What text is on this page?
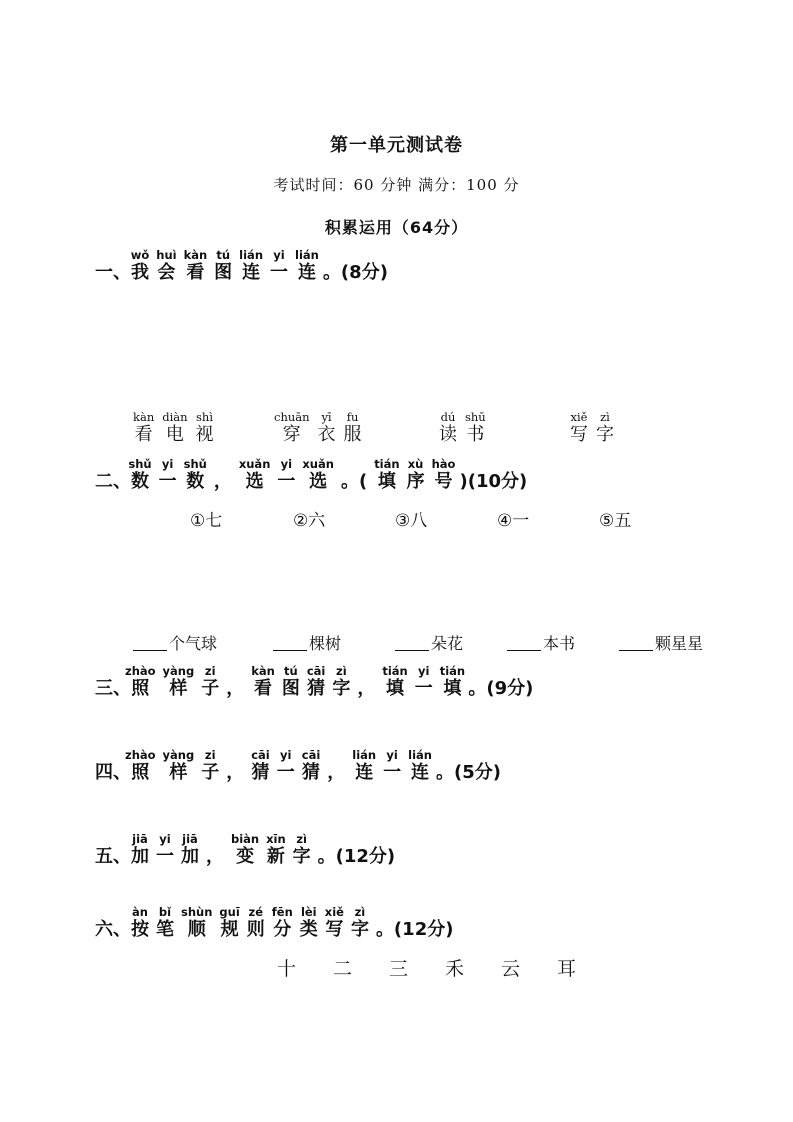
第一单元测试卷
考试时间：60 分钟 满分：100 分
积累运用（64分）
一、我wǒ会huì看kàn图tú连lián一yi连lián。(8分)
二、数shǔ一yi数shǔ， 选xuǎn一yi选xuǎn。( 填tián序xù号hào)(10分)
三、照zhào样yàng子zi， 看kàn图tú猜cāi字zì， 填tián一yi填tián。(9分)
四、照zhào样yàng子zi， 猜cāi一yi猜cāi， 连lián一yi连lián。(5分)
五、加jiā一yi加jiā， 变biàn新xīn字zì。(12分)
六、按àn笔bǐ顺shùn规guī则zé分fēn类lèi写xiě字zì。(12分)
看kàn电diàn视shì
穿chuān衣yī服fu
读dú书shū
写xiě字zì
①七	②六	③八	④一	⑤五
个气球	棵树	朵花	本书	颗星星
十 二 三 禾 云 耳
